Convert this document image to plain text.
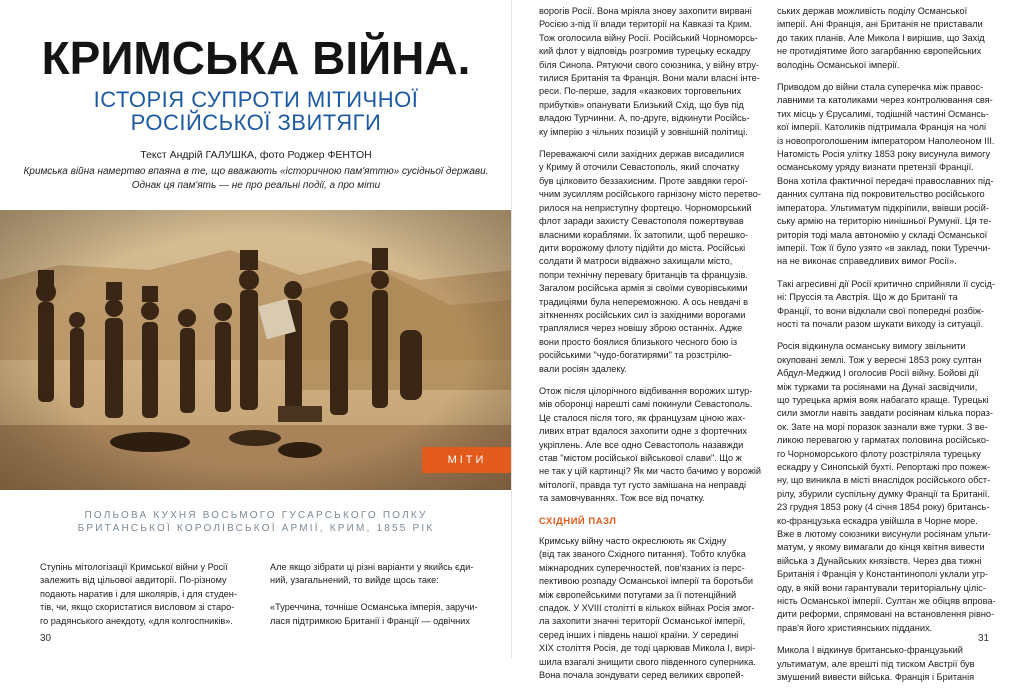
КРИМСЬКА ВІЙНА.
ІСТОРІЯ СУПРОТИ МІТИЧНОЇ
РОСІЙСЬКОЇ ЗВИТЯГИ
Текст Андрій ГАЛУШКА, фото Роджер ФЕНТОН

Кримська війна намертво впаяна в те, що вважають «історичною пам'яттю» сусідньої держави.

Однак ця пам'ять — не про реальні події, а про міти

МІТИ

ПОЛЬОВА КУХНЯ ВОСЬМОГО ГУСАРСЬКОГО ПОЛКУ

БРИТАНСЬКОЇ КОРОЛІВСЬКОЇ АРМІЇ, КРИМ, 1855 РІК

Ступінь мітологізації Кримської війни у Росії
залежить від цільової авдиторії. По-різному
подають наратив і для школярів, і для студен-
тів, чи, якщо скористатися висловом зі старо-
го радянського анекдоту, «для колгоспників».
Але якщо зібрати ці різні варіанти у якийсь єди-
ний, узагальнений, то вийде щось таке:

«Туреччина, точніше Османська імперія, заручи-
лася підтримкою Британії і Франції — одвічних
30

ворогів Росії. Вона мріяла знову захопити вирвані
Росією з-під її влади території на Кавказі та Крим.
Тож оголосила війну Росії. Російський Чорноморсь-
кий флот у відповідь розгромив турецьку ескадру
біля Синопа. Рятуючи свого союзника, у війну втру-
тилися Британія та Франція. Вони мали власні інте-
реси. По-перше, задля «казкових торговельних
прибутків» опанувати Близький Схід, що був під
владою Турчинни. А, по-друге, відкинути Російсь-
ку імперію з чільних позицій у зовнішній політиці.

Переважаючі сили західних держав висадилися
у Криму й оточили Севастополь, який спочатку
був цілковито беззахисним. Проте завдяки герої-
чним зусиллям російського гарнізону місто перетво-
рилося на неприступну фортецю. Чорноморський
флот заради захисту Севастополя пожертвував
власними кораблями. Їх затопили, щоб перешко-
дити ворожому флоту підійти до міста. Російські
солдати й матроси відважно захищали місто,
попри технічну перевагу британців та французів.
Загалом російська армія зі своїми суворівськими
традиціями була непереможною. А ось невдачі в
зіткненнях російських сил із західними ворогами
траплялися через новішу зброю останніх. Адже
вони просто боялися близького чесного бою із
російськими "чудо-богатирями" та розстрілю-
вали росіян здалеку.

Отож після цілорічного відбивання ворожих штур-
мів оборонці нарешті самі покинули Севастополь.
Це сталося після того, як французам ціною жах-
ливих втрат вдалося захопити одне з фортечних
укріплень. Але все одно Севастополь назавжди
став "містом російської військової слави". Що ж
не так у цій картинці? Як ми часто бачимо у ворожій
мітології, правда тут густо замішана на неправді
та замовчуваннях. Тож все від початку.

СХІДНИЙ ПАЗЛ

Кримську війну часто окреслюють як Східну
(від так званого Східного питання). Тобто клубка
міжнародних суперечностей, пов'язаних із перс-
пективою розпаду Османської імперії та боротьби
між європейськими потугами за її потенційний
спадок. У XVIII столітті в кількох війнах Росія змог-
ла захопити значні території Османської імперії,
серед інших і південь нашої країни. У середині
XIX століття Росія, де тоді царював Микола I, вирі-
шила взагалі знищити свого південного суперника.
Вона почала зондувати серед великих європей-

ських держав можливість поділу Османської
імперії. Ані Франція, ані Британія не приставали
до таких планів. Але Микола I вирішив, що Захід
не протидіятиме його загарбанню європейських
володінь Османської імперії.

Приводом до війни стала суперечка між правос-
лавними та католиками через контролювання свя-
тих місць у Єрусалимі, тодішній частині Османсь-
кої імперії. Католиків підтримала Франція на чолі
із новопроголошеним імператором Наполеоном III.
Натомість Росія улітку 1853 року висунула вимогу
османському уряду визнати претензії Франції.
Вона хотіла фактичної передачі православних під-
данних султана під покровительство російського
імператора. Ультиматум підкріпили, ввівши росій-
ську армію на територію нинішньої Румунії. Ця те-
риторія тоді мала автономію у складі Османської
імперії. Тож її було узято «в заклад, поки Туреччи-
на не виконає справедливих вимог Росії».

Такі агресивні дії Росії критично сприйняли її сусід-
ні: Пруссія та Австрія. Що ж до Британії та
Франції, то вони відклали свої попередні розбіж-
ності та почали разом шукати виходу із ситуації.

Росія відкинула османську вимогу звільнити
окуповані землі. Тож у вересні 1853 року султан
Абдул-Меджид I оголосив Росії війну. Бойові дії
між турками та росіянами на Дунаї засвідчили,
що турецька армія вояк набагато краще. Турецькі
сили змогли навіть завдати росіянам кілька пораз-
ок. Зате на морі поразок зазнали вже турки. З ве-
ликою перевагою у гарматах половина російсько-
го Чорноморського флоту розстріляла турецьку
ескадру у Синопській бухті. Репортажі про пожеж-
ну, що виникла в місті внаслідок російського обст-
рілу, збурили суспільну думку Франції та Британії.
23 грудня 1853 року (4 січня 1854 року) британсь-
ко-французька ескадра увійшла в Чорне море.
Вже в лютому союзники висунули росіянам ульти-
матум, у якому вимагали до кінця квітня вивести
війська з Дунайських князівств. Через два тижні
Британія і Франція у Константинополі уклали угр-
оду, в якій вони гарантували територіальну ціліс-
ність Османської імперії. Султан же обіцяв впрова-
дити реформи, спрямовані на встановлення рівно-
прав'я його християнських підданих.

Микола I відкинув британсько-французький
ультиматум, але врешті під тиском Австрії був
змушений вивести війська. Франція і Британія

31
